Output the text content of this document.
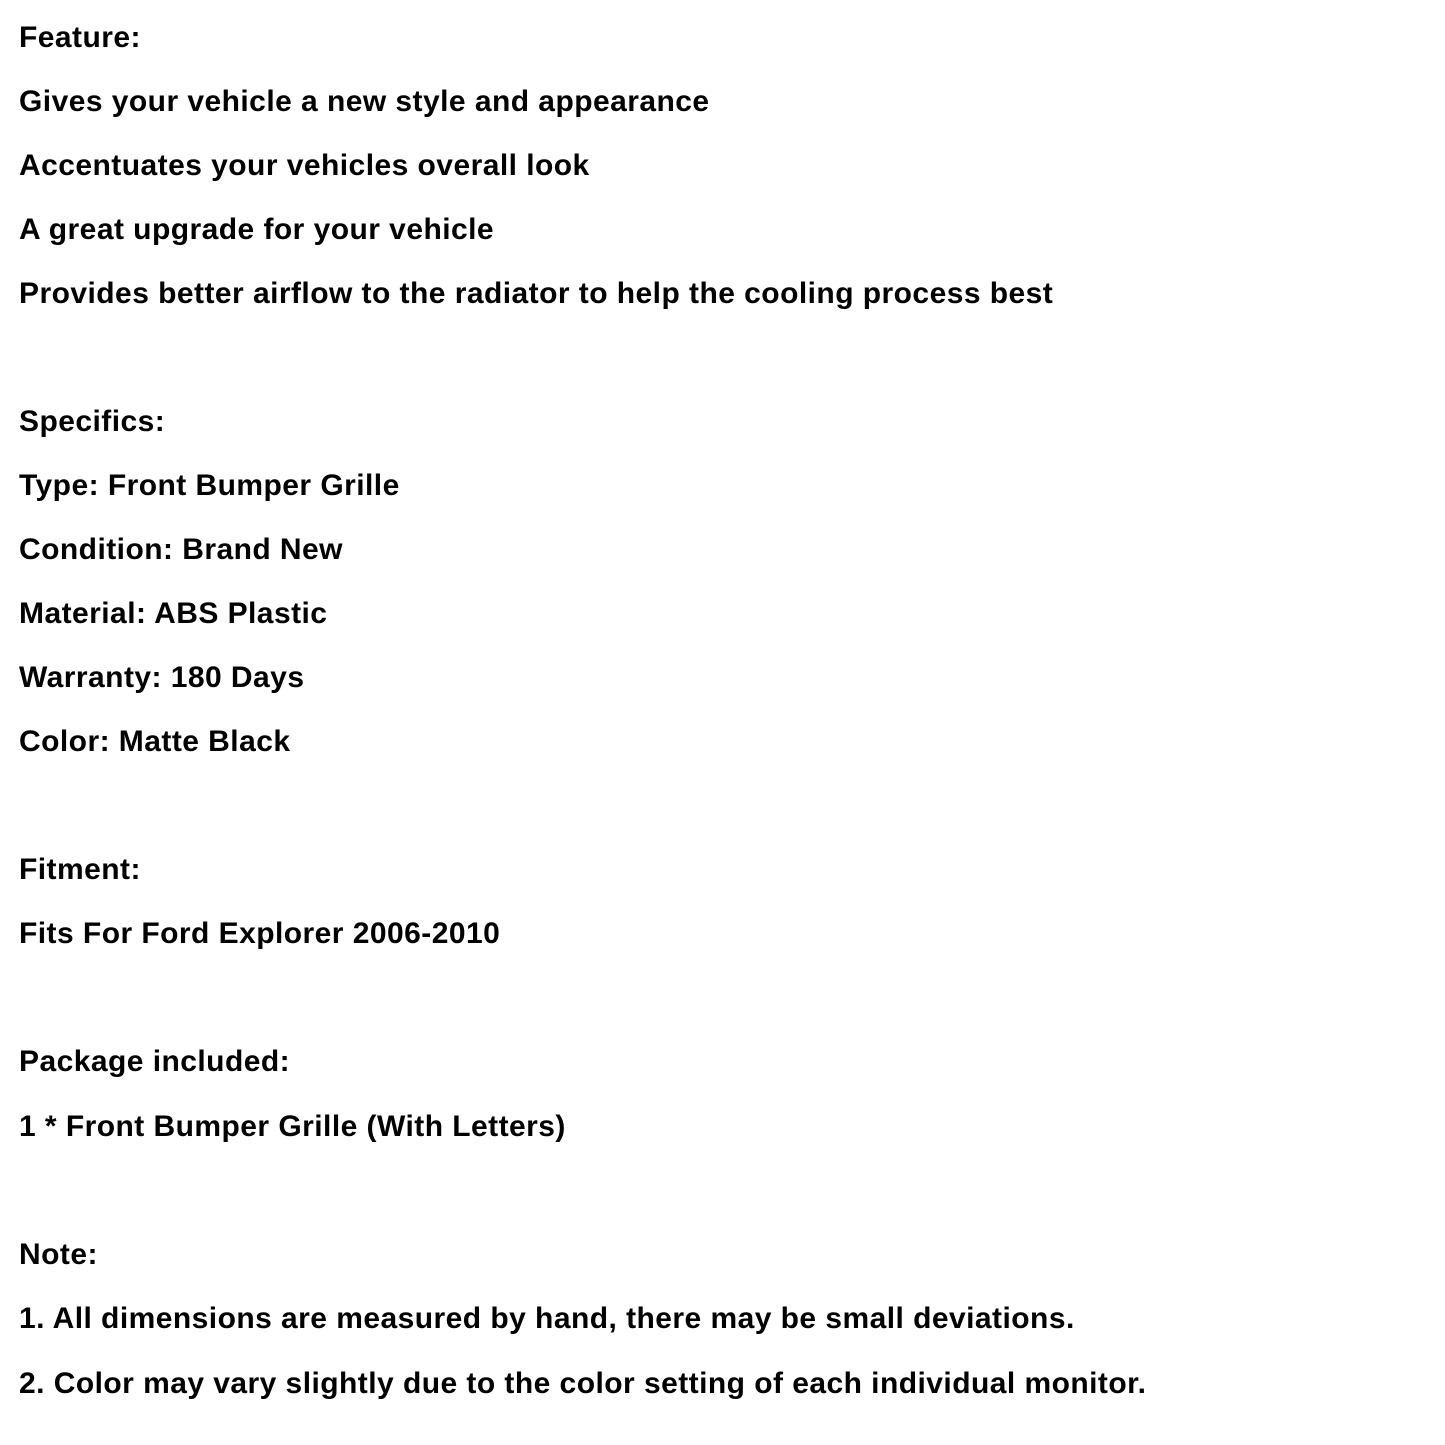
Feature:
Gives your vehicle a new style and appearance
Accentuates your vehicles overall look
A great upgrade for your vehicle
Provides better airflow to the radiator to help the cooling process best
Specifics:
Type: Front Bumper Grille
Condition: Brand New
Material: ABS Plastic
Warranty: 180 Days
Color: Matte Black
Fitment:
Fits For Ford Explorer 2006-2010
Package included:
1 * Front Bumper Grille (With Letters)
Note:
1. All dimensions are measured by hand, there may be small deviations.
2. Color may vary slightly due to the color setting of each individual monitor.
